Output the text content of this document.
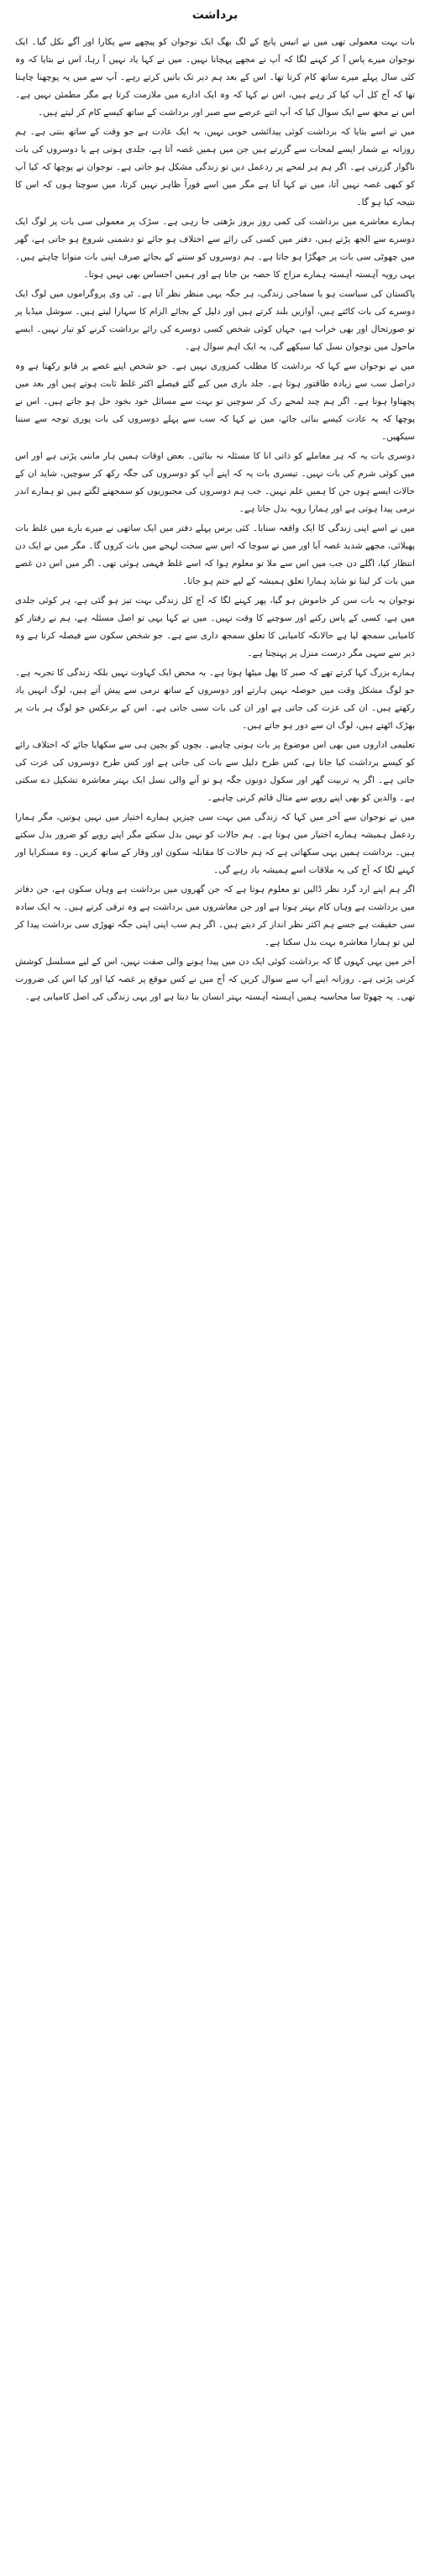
برداشت

بات بہت معمولی تھی میں نے انیس پانچ کے لگ بھگ ایک نوجوان کو پیچھے سے پکارا اور آگے نکل گیا۔ ایک نوجوان میرے پاس آ کر کہنے لگا کہ آپ نے مجھے پہچانا نہیں۔ میں نے کہا یاد نہیں آ رہا، اس نے بتایا کہ وہ کئی سال پہلے میرے ساتھ کام کرتا تھا۔ اس کے بعد ہم دیر تک باتیں کرتے رہے۔ آپ سے میں یہ پوچھنا چاہتا تھا کہ آج کل آپ کیا کر رہے ہیں، اس نے کہا کہ وہ ایک ادارے میں ملازمت کرتا ہے مگر مطمئن نہیں ہے۔ اس نے مجھ سے ایک سوال کیا کہ آپ اتنے عرصے سے صبر اور برداشت کے ساتھ کیسے کام کر لیتے ہیں۔

میں نے اسے بتایا کہ برداشت کوئی پیدائشی خوبی نہیں، یہ ایک عادت ہے جو وقت کے ساتھ بنتی ہے۔ ہم روزانہ بے شمار ایسے لمحات سے گزرتے ہیں جن میں ہمیں غصہ آتا ہے، جلدی ہوتی ہے یا دوسروں کی بات ناگوار گزرتی ہے۔ اگر ہم ہر لمحے پر ردعمل دیں تو زندگی مشکل ہو جاتی ہے۔ نوجوان نے پوچھا کہ کیا آپ کو کبھی غصہ نہیں آتا، میں نے کہا آتا ہے مگر میں اسے فوراً ظاہر نہیں کرتا، میں سوچتا ہوں کہ اس کا نتیجہ کیا ہو گا۔

ہمارے معاشرے میں برداشت کی کمی روز بروز بڑھتی جا رہی ہے۔ سڑک پر معمولی سی بات پر لوگ ایک دوسرے سے الجھ پڑتے ہیں، دفتر میں کسی کی رائے سے اختلاف ہو جائے تو دشمنی شروع ہو جاتی ہے، گھر میں چھوٹی سی بات پر جھگڑا ہو جاتا ہے۔ ہم دوسروں کو سننے کے بجائے صرف اپنی بات منوانا چاہتے ہیں۔ یہی رویہ آہستہ آہستہ ہمارے مزاج کا حصہ بن جاتا ہے اور ہمیں احساس بھی نہیں ہوتا۔

پاکستان کی سیاست ہو یا سماجی زندگی، ہر جگہ یہی منظر نظر آتا ہے۔ ٹی وی پروگراموں میں لوگ ایک دوسرے کی بات کاٹتے ہیں، آوازیں بلند کرتے ہیں اور دلیل کے بجائے الزام کا سہارا لیتے ہیں۔ سوشل میڈیا پر تو صورتحال اور بھی خراب ہے، جہاں کوئی شخص کسی دوسرے کی رائے برداشت کرنے کو تیار نہیں۔ ایسے ماحول میں نوجوان نسل کیا سیکھے گی، یہ ایک اہم سوال ہے۔

میں نے نوجوان سے کہا کہ برداشت کا مطلب کمزوری نہیں ہے۔ جو شخص اپنے غصے پر قابو رکھتا ہے وہ دراصل سب سے زیادہ طاقتور ہوتا ہے۔ جلد بازی میں کیے گئے فیصلے اکثر غلط ثابت ہوتے ہیں اور بعد میں پچھتاوا ہوتا ہے۔ اگر ہم چند لمحے رک کر سوچیں تو بہت سے مسائل خود بخود حل ہو جاتے ہیں۔ اس نے پوچھا کہ یہ عادت کیسے بنائی جائے، میں نے کہا کہ سب سے پہلے دوسروں کی بات پوری توجہ سے سننا سیکھیں۔

دوسری بات یہ کہ ہر معاملے کو ذاتی انا کا مسئلہ نہ بنائیں۔ بعض اوقات ہمیں ہار ماننی پڑتی ہے اور اس میں کوئی شرم کی بات نہیں۔ تیسری بات یہ کہ اپنے آپ کو دوسروں کی جگہ رکھ کر سوچیں، شاید ان کے حالات ایسے ہوں جن کا ہمیں علم نہیں۔ جب ہم دوسروں کی مجبوریوں کو سمجھنے لگتے ہیں تو ہمارے اندر نرمی پیدا ہوتی ہے اور ہمارا رویہ بدل جاتا ہے۔

میں نے اسے اپنی زندگی کا ایک واقعہ سنایا۔ کئی برس پہلے دفتر میں ایک ساتھی نے میرے بارے میں غلط بات پھیلائی، مجھے شدید غصہ آیا اور میں نے سوچا کہ اس سے سخت لہجے میں بات کروں گا۔ مگر میں نے ایک دن انتظار کیا، اگلے دن جب میں اس سے ملا تو معلوم ہوا کہ اسے غلط فہمی ہوئی تھی۔ اگر میں اس دن غصے میں بات کر لیتا تو شاید ہمارا تعلق ہمیشہ کے لیے ختم ہو جاتا۔

نوجوان یہ بات سن کر خاموش ہو گیا، پھر کہنے لگا کہ آج کل زندگی بہت تیز ہو گئی ہے، ہر کوئی جلدی میں ہے، کسی کے پاس رکنے اور سوچنے کا وقت نہیں۔ میں نے کہا یہی تو اصل مسئلہ ہے، ہم نے رفتار کو کامیابی سمجھ لیا ہے حالانکہ کامیابی کا تعلق سمجھ داری سے ہے۔ جو شخص سکون سے فیصلہ کرتا ہے وہ دیر سے سہی مگر درست منزل پر پہنچتا ہے۔

ہمارے بزرگ کہا کرتے تھے کہ صبر کا پھل میٹھا ہوتا ہے۔ یہ محض ایک کہاوت نہیں بلکہ زندگی کا تجربہ ہے۔ جو لوگ مشکل وقت میں حوصلہ نہیں ہارتے اور دوسروں کے ساتھ نرمی سے پیش آتے ہیں، لوگ انہیں یاد رکھتے ہیں۔ ان کی عزت کی جاتی ہے اور ان کی بات سنی جاتی ہے۔ اس کے برعکس جو لوگ ہر بات پر بھڑک اٹھتے ہیں، لوگ ان سے دور ہو جاتے ہیں۔

تعلیمی اداروں میں بھی اس موضوع پر بات ہونی چاہیے۔ بچوں کو بچپن ہی سے سکھایا جائے کہ اختلاف رائے کو کیسے برداشت کیا جاتا ہے، کس طرح دلیل سے بات کی جاتی ہے اور کس طرح دوسروں کی عزت کی جاتی ہے۔ اگر یہ تربیت گھر اور سکول دونوں جگہ ہو تو آنے والی نسل ایک بہتر معاشرہ تشکیل دے سکتی ہے۔ والدین کو بھی اپنے رویے سے مثال قائم کرنی چاہیے۔

میں نے نوجوان سے آخر میں کہا کہ زندگی میں بہت سی چیزیں ہمارے اختیار میں نہیں ہوتیں، مگر ہمارا ردعمل ہمیشہ ہمارے اختیار میں ہوتا ہے۔ ہم حالات کو نہیں بدل سکتے مگر اپنے رویے کو ضرور بدل سکتے ہیں۔ برداشت ہمیں یہی سکھاتی ہے کہ ہم حالات کا مقابلہ سکون اور وقار کے ساتھ کریں۔ وہ مسکرایا اور کہنے لگا کہ آج کی یہ ملاقات اسے ہمیشہ یاد رہے گی۔

اگر ہم اپنے ارد گرد نظر ڈالیں تو معلوم ہوتا ہے کہ جن گھروں میں برداشت ہے وہاں سکون ہے، جن دفاتر میں برداشت ہے وہاں کام بہتر ہوتا ہے اور جن معاشروں میں برداشت ہے وہ ترقی کرتے ہیں۔ یہ ایک سادہ سی حقیقت ہے جسے ہم اکثر نظر انداز کر دیتے ہیں۔ اگر ہم سب اپنی اپنی جگہ تھوڑی سی برداشت پیدا کر لیں تو ہمارا معاشرہ بہت بدل سکتا ہے۔

آخر میں یہی کہوں گا کہ برداشت کوئی ایک دن میں پیدا ہونے والی صفت نہیں، اس کے لیے مسلسل کوشش کرنی پڑتی ہے۔ روزانہ اپنے آپ سے سوال کریں کہ آج میں نے کس موقع پر غصہ کیا اور کیا اس کی ضرورت تھی۔ یہ چھوٹا سا محاسبہ ہمیں آہستہ آہستہ بہتر انسان بنا دیتا ہے اور یہی زندگی کی اصل کامیابی ہے۔
